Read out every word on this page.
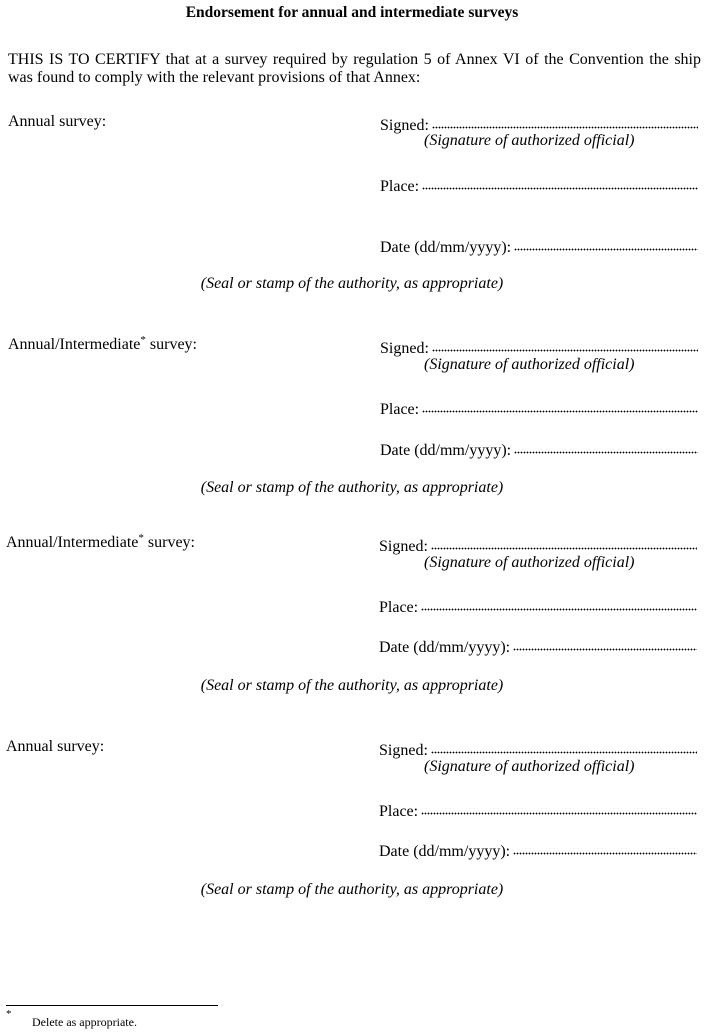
Endorsement for annual and intermediate surveys
THIS IS TO CERTIFY that at a survey required by regulation 5 of Annex VI of the Convention the ship was found to comply with the relevant provisions of that Annex:
Annual survey:	Signed:
(Signature of authorized official)
Place:
Date (dd/mm/yyyy):
(Seal or stamp of the authority, as appropriate)
Annual/Intermediate* survey:	Signed:
(Signature of authorized official)
Place:
Date (dd/mm/yyyy):
(Seal or stamp of the authority, as appropriate)
Annual/Intermediate* survey:	Signed:
(Signature of authorized official)
Place:
Date (dd/mm/yyyy):
(Seal or stamp of the authority, as appropriate)
Annual survey:	Signed:
(Signature of authorized official)
Place:
Date (dd/mm/yyyy):
(Seal or stamp of the authority, as appropriate)
*
Delete as appropriate.
